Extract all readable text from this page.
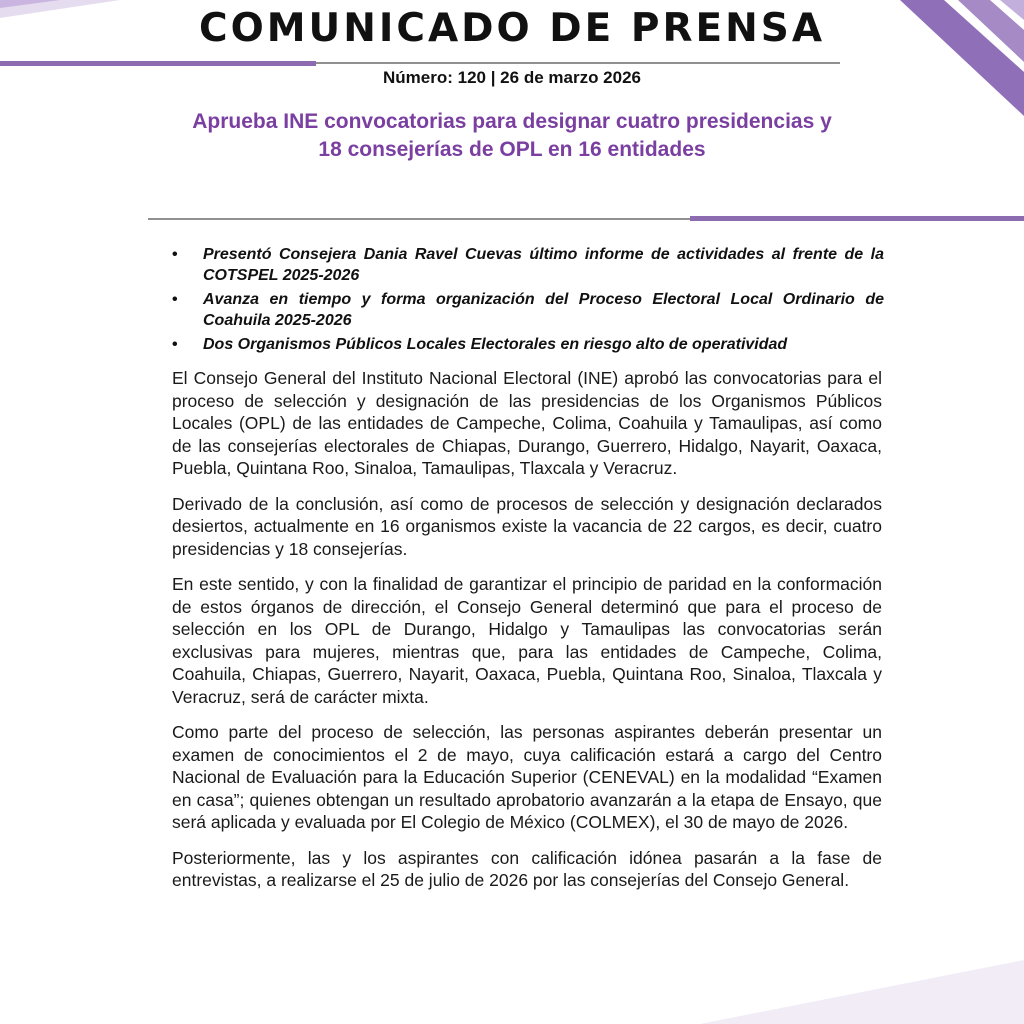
COMUNICADO DE PRENSA
Número: 120 | 26 de marzo 2026
Aprueba INE convocatorias para designar cuatro presidencias y
18 consejerías de OPL en 16 entidades
• Presentó Consejera Dania Ravel Cuevas último informe de actividades al frente de la COTSPEL 2025-2026
• Avanza en tiempo y forma organización del Proceso Electoral Local Ordinario de Coahuila 2025-2026
• Dos Organismos Públicos Locales Electorales en riesgo alto de operatividad

El Consejo General del Instituto Nacional Electoral (INE) aprobó las convocatorias para el proceso de selección y designación de las presidencias de los Organismos Públicos Locales (OPL) de las entidades de Campeche, Colima, Coahuila y Tamaulipas, así como de las consejerías electorales de Chiapas, Durango, Guerrero, Hidalgo, Nayarit, Oaxaca, Puebla, Quintana Roo, Sinaloa, Tamaulipas, Tlaxcala y Veracruz.

Derivado de la conclusión, así como de procesos de selección y designación declarados desiertos, actualmente en 16 organismos existe la vacancia de 22 cargos, es decir, cuatro presidencias y 18 consejerías.

En este sentido, y con la finalidad de garantizar el principio de paridad en la conformación de estos órganos de dirección, el Consejo General determinó que para el proceso de selección en los OPL de Durango, Hidalgo y Tamaulipas las convocatorias serán exclusivas para mujeres, mientras que, para las entidades de Campeche, Colima, Coahuila, Chiapas, Guerrero, Nayarit, Oaxaca, Puebla, Quintana Roo, Sinaloa, Tlaxcala y Veracruz, será de carácter mixta.

Como parte del proceso de selección, las personas aspirantes deberán presentar un examen de conocimientos el 2 de mayo, cuya calificación estará a cargo del Centro Nacional de Evaluación para la Educación Superior (CENEVAL) en la modalidad “Examen en casa”; quienes obtengan un resultado aprobatorio avanzarán a la etapa de Ensayo, que será aplicada y evaluada por El Colegio de México (COLMEX), el 30 de mayo de 2026.

Posteriormente, las y los aspirantes con calificación idónea pasarán a la fase de entrevistas, a realizarse el 25 de julio de 2026 por las consejerías del Consejo General.
